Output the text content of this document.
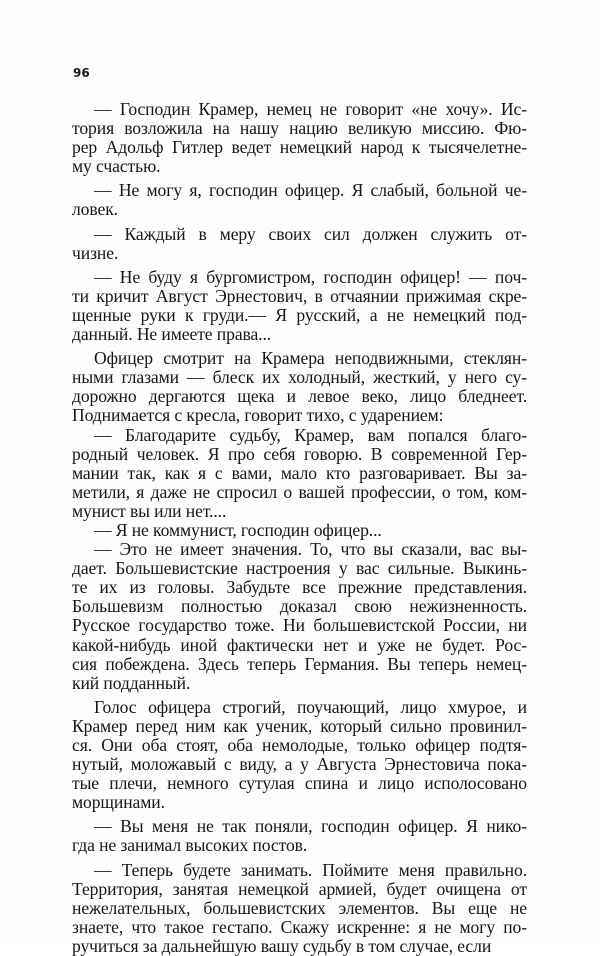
96
— Господин Крамер, немец не говорит «не хочу». Ис-
тория возложила на нашу нацию великую миссию. Фю-
рер Адольф Гитлер ведет немецкий народ к тысячелетне-
му счастью.
— Не могу я, господин офицер. Я слабый, больной че-
ловек.
— Каждый в меру своих сил должен служить от-
чизне.
— Не буду я бургомистром, господин офицер! — поч-
ти кричит Август Эрнестович, в отчаянии прижимая скре-
щенные руки к груди.— Я русский, а не немецкий под-
данный. Не имеете права...
Офицер смотрит на Крамера неподвижными, стеклян-
ными глазами — блеск их холодный, жесткий, у него су-
дорожно дергаются щека и левое веко, лицо бледнеет.
Поднимается с кресла, говорит тихо, с ударением:
— Благодарите судьбу, Крамер, вам попался благо-
родный человек. Я про себя говорю. В современной Гер-
мании так, как я с вами, мало кто разговаривает. Вы за-
метили, я даже не спросил о вашей профессии, о том, ком-
мунист вы или нет....
— Я не коммунист, господин офицер...
— Это не имеет значения. То, что вы сказали, вас вы-
дает. Большевистские настроения у вас сильные. Выкинь-
те их из головы. Забудьте все прежние представления.
Большевизм полностью доказал свою нежизненность.
Русское государство тоже. Ни большевистской России, ни
какой-нибудь иной фактически нет и уже не будет. Рос-
сия побеждена. Здесь теперь Германия. Вы теперь немец-
кий подданный.
Голос офицера строгий, поучающий, лицо хмурое, и
Крамер перед ним как ученик, который сильно провинил-
ся. Они оба стоят, оба немолодые, только офицер подтя-
нутый, моложавый с виду, а у Августа Эрнестовича пока-
тые плечи, немного сутулая спина и лицо исполосовано
морщинами.
— Вы меня не так поняли, господин офицер. Я нико-
гда не занимал высоких постов.
— Теперь будете занимать. Поймите меня правильно.
Территория, занятая немецкой армией, будет очищена от
нежелательных, большевистских элементов. Вы еще не
знаете, что такое гестапо. Скажу искренне: я не могу по-
ручиться за дальнейшую вашу судьбу в том случае, если
